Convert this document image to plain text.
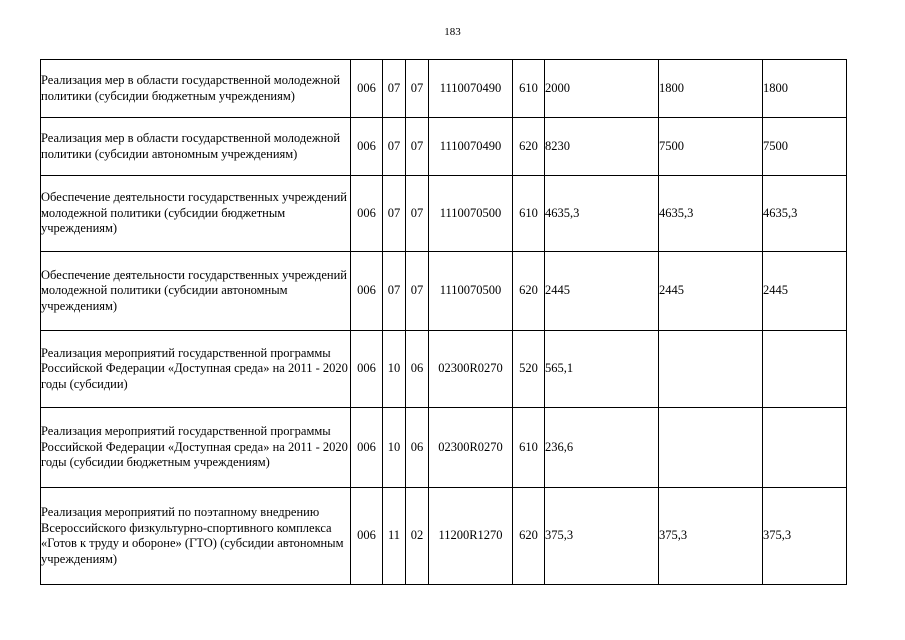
183
Реализация мер в области государственной молодежной политики (субсидии бюджетным учреждениям)	006	07	07	1110070490	610	2000	1800	1800
Реализация мер в области государственной молодежной политики (субсидии автономным учреждениям)	006	07	07	1110070490	620	8230	7500	7500
Обеспечение деятельности государственных учреждений молодежной политики (субсидии бюджетным учреждениям)	006	07	07	1110070500	610	4635,3	4635,3	4635,3
Обеспечение деятельности государственных учреждений молодежной политики (субсидии автономным учреждениям)	006	07	07	1110070500	620	2445	2445	2445
Реализация мероприятий государственной программы Российской Федерации «Доступная среда» на 2011 - 2020 годы (субсидии)	006	10	06	02300R0270	520	565,1		
Реализация мероприятий государственной программы Российской Федерации «Доступная среда» на 2011 - 2020 годы (субсидии бюджетным учреждениям)	006	10	06	02300R0270	610	236,6		
Реализация мероприятий по поэтапному внедрению Всероссийского физкультурно-спортивного комплекса «Готов к труду и обороне» (ГТО) (субсидии автономным учреждениям)	006	11	02	11200R1270	620	375,3	375,3	375,3
